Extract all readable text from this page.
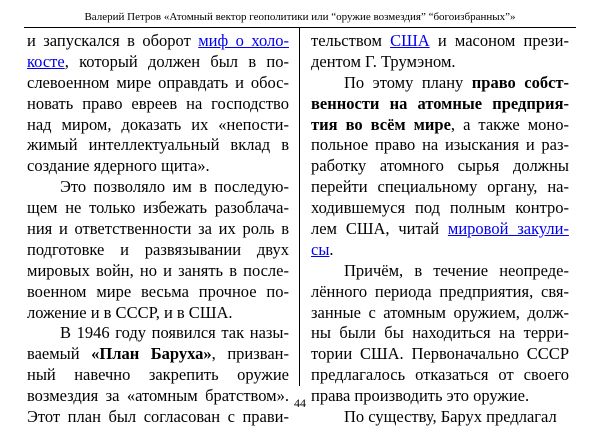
Валерий Петров «Атомный вектор геополитики или “оружие возмездия” “богоизбранных”»
и запускался в оборот миф о холо-
косте, который должен был в по-
слевоенном мире оправдать и обос-
новать право евреев на господство
над миром, доказать их «непости-
жимый интеллектуальный вклад в
создание ядерного щита».
Это позволяло им в последую-
щем не только избежать разоблача-
ния и ответственности за их роль в
подготовке и развязывании двух
мировых войн, но и занять в после-
военном мире весьма прочное по-
ложение и в СССР, и в США.
В 1946 году появился так назы-
ваемый «План Баруха», призван-
ный навечно закрепить оружие
возмездия за «атомным братством».
Этот план был согласован с прави-
тельством США и масоном прези-
дентом Г. Трумэном.
По этому плану право собст-
венности на атомные предприя-
тия во всём мире, а также моно-
польное право на изыскания и раз-
работку атомного сырья должны
перейти специальному органу, на-
ходившемуся под полным контро-
лем США, читай мировой закули-
сы.
Причём, в течение неопреде-
лённого периода предприятия, свя-
занные с атомным оружием, долж-
ны были бы находиться на терри-
тории США. Первоначально СССР
предлагалось отказаться от своего
права производить это оружие.
По существу, Барух предлагал
44
